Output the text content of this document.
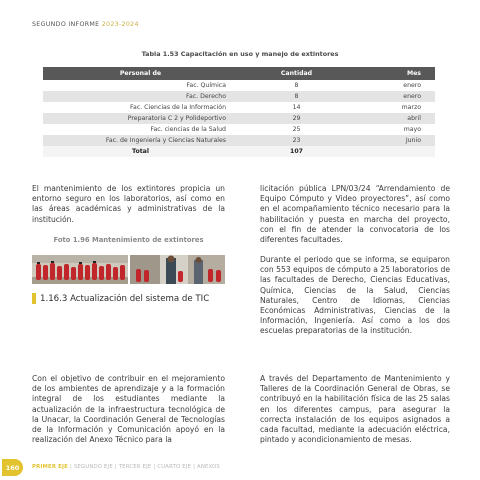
SEGUNDO INFORME 2023-2024
Tabla 1.53 Capacitación en uso y manejo de extintores
Personal de	Cantidad	Mes
Fac. Química	8	enero
Fac. Derecho	8	enero
Fac. Ciencias de la Información	14	marzo
Preparatoria C 2 y Polideportivo	29	abril
Fac. ciencias de la Salud	25	mayo
Fac. de Ingeniería y Ciencias Naturales	23	Junio
Total	107	
El mantenimiento de los extintores propicia un entorno seguro en los laboratorios, así como en las áreas académicas y administrativas de la institución.
Foto 1.96 Mantenimiento de extintores
1.16.3 Actualización del sistema de TIC
Con el objetivo de contribuir en el mejoramiento de los ambientes de aprendizaje y a la formación integral de los estudiantes mediante la actualización de la infraestructura tecnológica de la Unacar, la Coordinación General de Tecnologías de la Información y Comunicación apoyó en la realización del Anexo Técnico para la
licitación pública LPN/03/24 “Arrendamiento de Equipo Cómputo y Video proyectores”, así como en el acompañamiento técnico necesario para la habilitación y puesta en marcha del proyecto, con el fin de atender la convocatoria de los diferentes facultades.
Durante el periodo que se informa, se equiparon con 553 equipos de cómputo a 25 laboratorios de las facultades de Derecho, Ciencias Educativas, Química, Ciencias de la Salud, Ciencias Naturales, Centro de Idiomas, Ciencias Económicas Administrativas, Ciencias de la Información, Ingeniería. Así como a los dos escuelas preparatorias de la institución.
A través del Departamento de Mantenimiento y Talleres de la Coordinación General de Obras, se contribuyó en la habilitación física de las 25 salas en los diferentes campus, para asegurar la correcta instalación de los equipos asignados a cada facultad, mediante la adecuación eléctrica, pintado y acondicionamiento de mesas.
160	PRIMER EJE | SEGUNDO EJE | TERCER EJE | CUARTO EJE | ANEXOS
